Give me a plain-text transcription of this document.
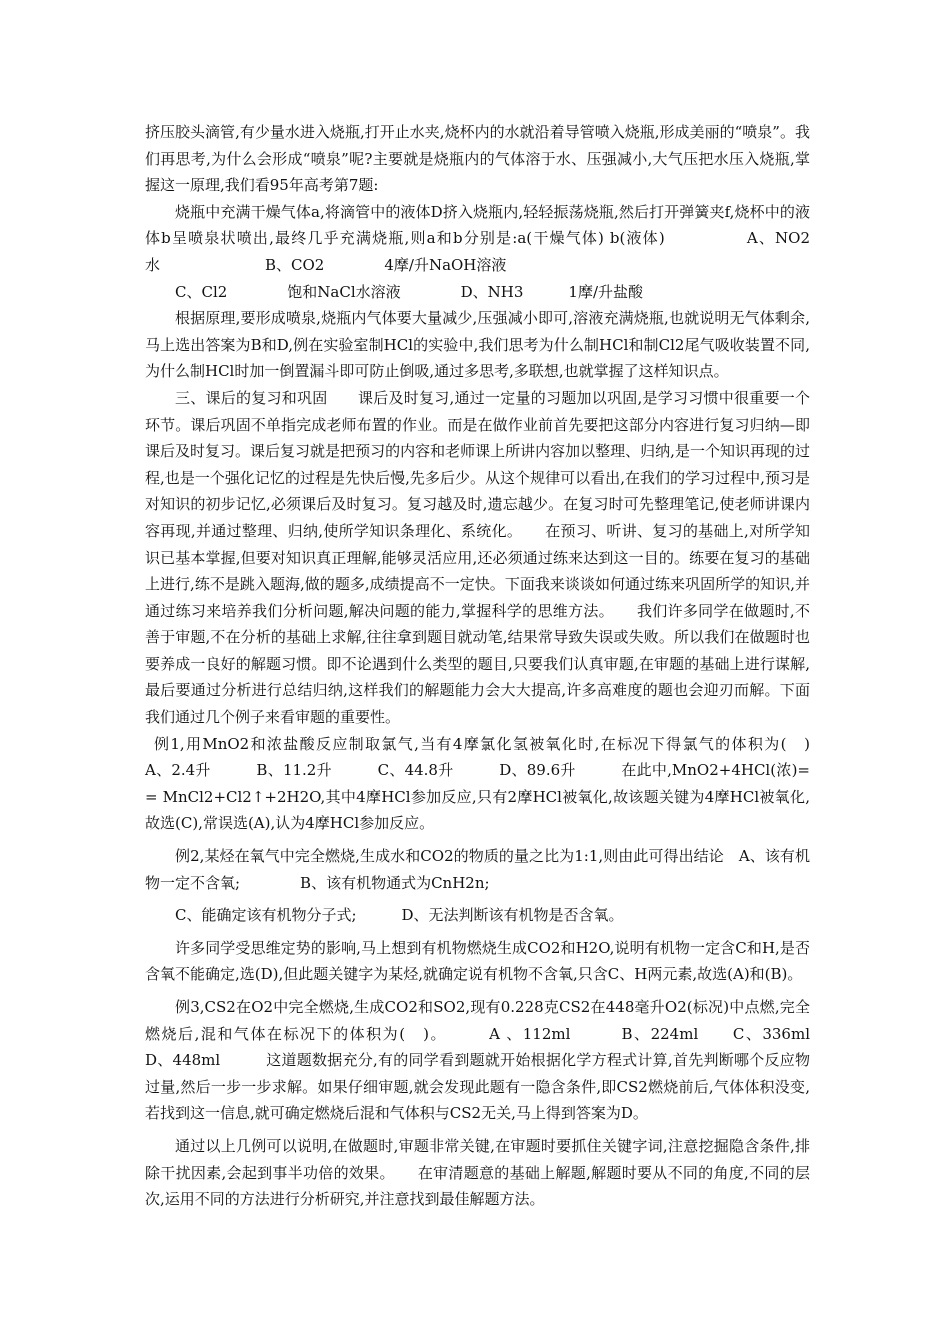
挤压胶头滴管,有少量水进入烧瓶,打开止水夹,烧杯内的水就沿着导管喷入烧瓶,形成美丽的“喷泉”。我们再思考,为什么会形成“喷泉”呢?主要就是烧瓶内的气体溶于水、压强减小,大气压把水压入烧瓶,掌握这一原理,我们看95年高考第7题:

烧瓶中充满干燥气体a,将滴管中的液体D挤入烧瓶内,轻轻振荡烧瓶,然后打开弹簧夹f,烧杯中的液体b呈喷泉状喷出,最终几乎充满烧瓶,则a和b分别是:a(干燥气体) b(液体)　　　　　A、NO2　　　　水　　　　　　　B、CO2　　　　4摩/升NaOH溶液

C、Cl2　　　　饱和NaCl水溶液　　　　D、NH3　　　1摩/升盐酸

根据原理,要形成喷泉,烧瓶内气体要大量减少,压强减小即可,溶液充满烧瓶,也就说明无气体剩余,马上选出答案为B和D,例在实验室制HCl的实验中,我们思考为什么制HCl和制Cl2尾气吸收装置不同,为什么制HCl时加一倒置漏斗即可防止倒吸,通过多思考,多联想,也就掌握了这样知识点。

三、课后的复习和巩固　　课后及时复习,通过一定量的习题加以巩固,是学习习惯中很重要一个环节。课后巩固不单指完成老师布置的作业。而是在做作业前首先要把这部分内容进行复习归纳—即课后及时复习。课后复习就是把预习的内容和老师课上所讲内容加以整理、归纳,是一个知识再现的过程,也是一个强化记忆的过程是先快后慢,先多后少。从这个规律可以看出,在我们的学习过程中,预习是对知识的初步记忆,必须课后及时复习。复习越及时,遗忘越少。在复习时可先整理笔记,使老师讲课内容再现,并通过整理、归纳,使所学知识条理化、系统化。　　在预习、听讲、复习的基础上,对所学知识已基本掌握,但要对知识真正理解,能够灵活应用,还必须通过练来达到这一目的。练要在复习的基础上进行,练不是跳入题海,做的题多,成绩提高不一定快。下面我来谈谈如何通过练来巩固所学的知识,并通过练习来培养我们分析问题,解决问题的能力,掌握科学的思维方法。　　我们许多同学在做题时,不善于审题,不在分析的基础上求解,往往拿到题目就动笔,结果常导致失误或失败。所以我们在做题时也要养成一良好的解题习惯。即不论遇到什么类型的题目,只要我们认真审题,在审题的基础上进行谋解,最后要通过分析进行总结归纳,这样我们的解题能力会大大提高,许多高难度的题也会迎刃而解。下面我们通过几个例子来看审题的重要性。

例1,用MnO2和浓盐酸反应制取氯气,当有4摩氯化氢被氧化时,在标况下得氯气的体积为(　)　　　　　A、2.4升　　　B、11.2升　　　C、44.8升　　　D、89.6升　　　在此中,MnO2+4HCl(浓)== MnCl2+Cl2↑+2H2O,其中4摩HCl参加反应,只有2摩HCl被氧化,故该题关键为4摩HCl被氧化,故选(C),常误选(A),认为4摩HCl参加反应。

例2,某烃在氧气中完全燃烧,生成水和CO2的物质的量之比为1:1,则由此可得出结论　A、该有机物一定不含氧;　　　　B、该有机物通式为CnH2n;

C、能确定该有机物分子式;　　　D、无法判断该有机物是否含氧。

许多同学受思维定势的影响,马上想到有机物燃烧生成CO2和H2O,说明有机物一定含C和H,是否含氧不能确定,选(D),但此题关键字为某烃,就确定说有机物不含氧,只含C、H两元素,故选(A)和(B)。

例3,CS2在O2中完全燃烧,生成CO2和SO2,现有0.228克CS2在448毫升O2(标况)中点燃,完全燃烧后,混和气体在标况下的体积为(　)。　　　A 、112ml　　　B、224ml　　C、336ml　　　D、448ml　　　这道题数据充分,有的同学看到题就开始根据化学方程式计算,首先判断哪个反应物过量,然后一步一步求解。如果仔细审题,就会发现此题有一隐含条件,即CS2燃烧前后,气体体积没变,若找到这一信息,就可确定燃烧后混和气体积与CS2无关,马上得到答案为D。

通过以上几例可以说明,在做题时,审题非常关键,在审题时要抓住关键字词,注意挖掘隐含条件,排除干扰因素,会起到事半功倍的效果。　　在审清题意的基础上解题,解题时要从不同的角度,不同的层次,运用不同的方法进行分析研究,并注意找到最佳解题方法。
